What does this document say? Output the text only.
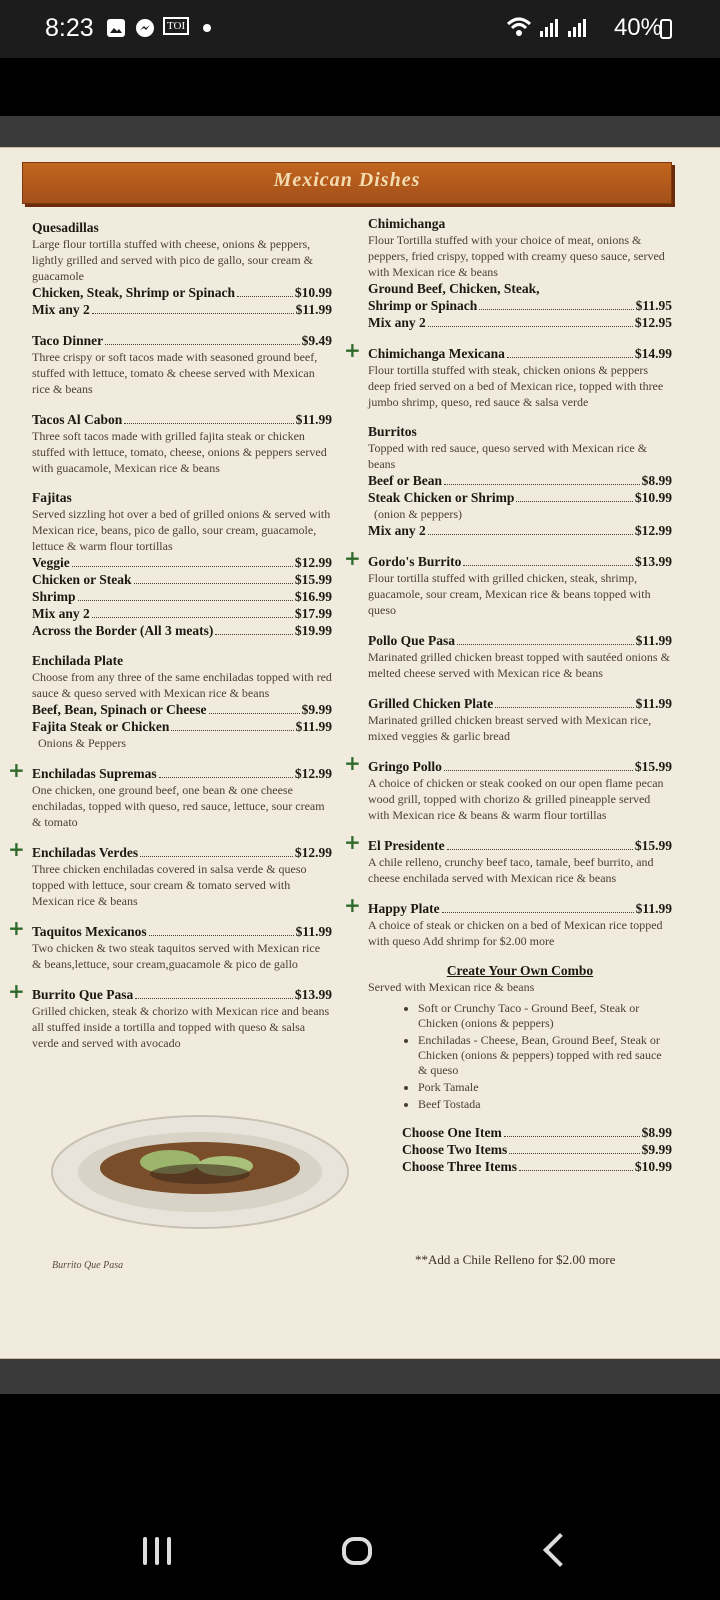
8:23	TOI	40%
Mexican Dishes
Quesadillas
Large flour tortilla stuffed with cheese, onions & peppers, lightly grilled and served with pico de gallo, sour cream & guacamole
Chicken, Steak, Shrimp or Spinach	$10.99
Mix any 2	$11.99
Taco Dinner	$9.49
Three crispy or soft tacos made with seasoned ground beef, stuffed with lettuce, tomato & cheese served with Mexican rice & beans
Tacos Al Cabon	$11.99
Three soft tacos made with grilled fajita steak or chicken stuffed with lettuce, tomato, cheese, onions & peppers served with guacamole, Mexican rice & beans
Fajitas
Served sizzling hot over a bed of grilled onions & served with Mexican rice, beans, pico de gallo, sour cream, guacamole, lettuce & warm flour tortillas
Veggie	$12.99
Chicken or Steak	$15.99
Shrimp	$16.99
Mix any 2	$17.99
Across the Border (All 3 meats)	$19.99
Enchilada Plate
Choose from any three of the same enchiladas topped with red sauce & queso served with Mexican rice & beans
Beef, Bean, Spinach or Cheese	$9.99
Fajita Steak or Chicken	$11.99
Onions & Peppers
+ Enchiladas Supremas	$12.99
One chicken, one ground beef, one bean & one cheese enchiladas, topped with queso, red sauce, lettuce, sour cream & tomato
+ Enchiladas Verdes	$12.99
Three chicken enchiladas covered in salsa verde & queso topped with lettuce, sour cream & tomato served with Mexican rice & beans
+ Taquitos Mexicanos	$11.99
Two chicken & two steak taquitos served with Mexican rice & beans,lettuce, sour cream,guacamole & pico de gallo
+ Burrito Que Pasa	$13.99
Grilled chicken, steak & chorizo with Mexican rice and beans all stuffed inside a tortilla and topped with queso & salsa verde and served with avocado
Chimichanga
Flour Tortilla stuffed with your choice of meat, onions & peppers, fried crispy, topped with creamy queso sauce, served with Mexican rice & beans
Ground Beef, Chicken, Steak,
Shrimp or Spinach	$11.95
Mix any 2	$12.95
+ Chimichanga Mexicana	$14.99
Flour tortilla stuffed with steak, chicken onions & peppers deep fried served on a bed of Mexican rice, topped with three jumbo shrimp, queso, red sauce & salsa verde
Burritos
Topped with red sauce, queso served with Mexican rice & beans
Beef or Bean	$8.99
Steak Chicken or Shrimp	$10.99
(onion & peppers)
Mix any 2	$12.99
+ Gordo's Burrito	$13.99
Flour tortilla stuffed with grilled chicken, steak, shrimp, guacamole, sour cream, Mexican rice & beans topped with queso
Pollo Que Pasa	$11.99
Marinated grilled chicken breast topped with sautéed onions & melted cheese served with Mexican rice & beans
Grilled Chicken Plate	$11.99
Marinated grilled chicken breast served with Mexican rice, mixed veggies & garlic bread
+ Gringo Pollo	$15.99
A choice of chicken or steak cooked on our open flame pecan wood grill, topped with chorizo & grilled pineapple served with Mexican rice & beans & warm flour tortillas
+ El Presidente	$15.99
A chile relleno, crunchy beef taco, tamale, beef burrito, and cheese enchilada served with Mexican rice & beans
+ Happy Plate	$11.99
A choice of steak or chicken on a bed of Mexican rice topped with queso Add shrimp for $2.00 more
Create Your Own Combo
Served with Mexican rice & beans
• Soft or Crunchy Taco - Ground Beef, Steak or Chicken (onions & peppers)
• Enchiladas - Cheese, Bean, Ground Beef, Steak or Chicken (onions & peppers) topped with red sauce & queso
• Pork Tamale
• Beef Tostada
Choose One Item	$8.99
Choose Two Items	$9.99
Choose Three Items	$10.99
Burrito Que Pasa	**Add a Chile Relleno for $2.00 more
